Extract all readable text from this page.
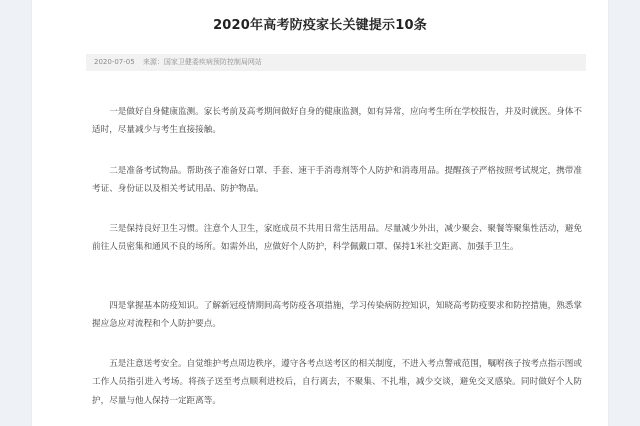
2020年高考防疫家长关键提示10条
2020-07-05 来源：国家卫健委疾病预防控制局网站

一是做好自身健康监测。家长考前及高考期间做好自身的健康监测，如有异常，应向考生所在学校报告，并及时就医。身体不适时，尽量减少与考生直接接触。

二是准备考试物品。帮助孩子准备好口罩、手套、速干手消毒剂等个人防护和消毒用品。提醒孩子严格按照考试规定，携带准考证、身份证以及相关考试用品、防护物品。

三是保持良好卫生习惯。注意个人卫生，家庭成员不共用日常生活用品。尽量减少外出，减少聚会、聚餐等聚集性活动，避免前往人员密集和通风不良的场所。如需外出，应做好个人防护，科学佩戴口罩、保持1米社交距离、加强手卫生。

四是掌握基本防疫知识。了解新冠疫情期间高考防疫各项措施，学习传染病防控知识，知晓高考防疫要求和防控措施，熟悉掌握应急应对流程和个人防护要点。

五是注意送考安全。自觉维护考点周边秩序，遵守各考点送考区的相关制度，不进入考点警戒范围，嘱咐孩子按考点指示图或工作人员指引进入考场。将孩子送至考点顺利进校后，自行离去，不聚集、不扎堆，减少交谈，避免交叉感染。同时做好个人防护，尽量与他人保持一定距离等。
